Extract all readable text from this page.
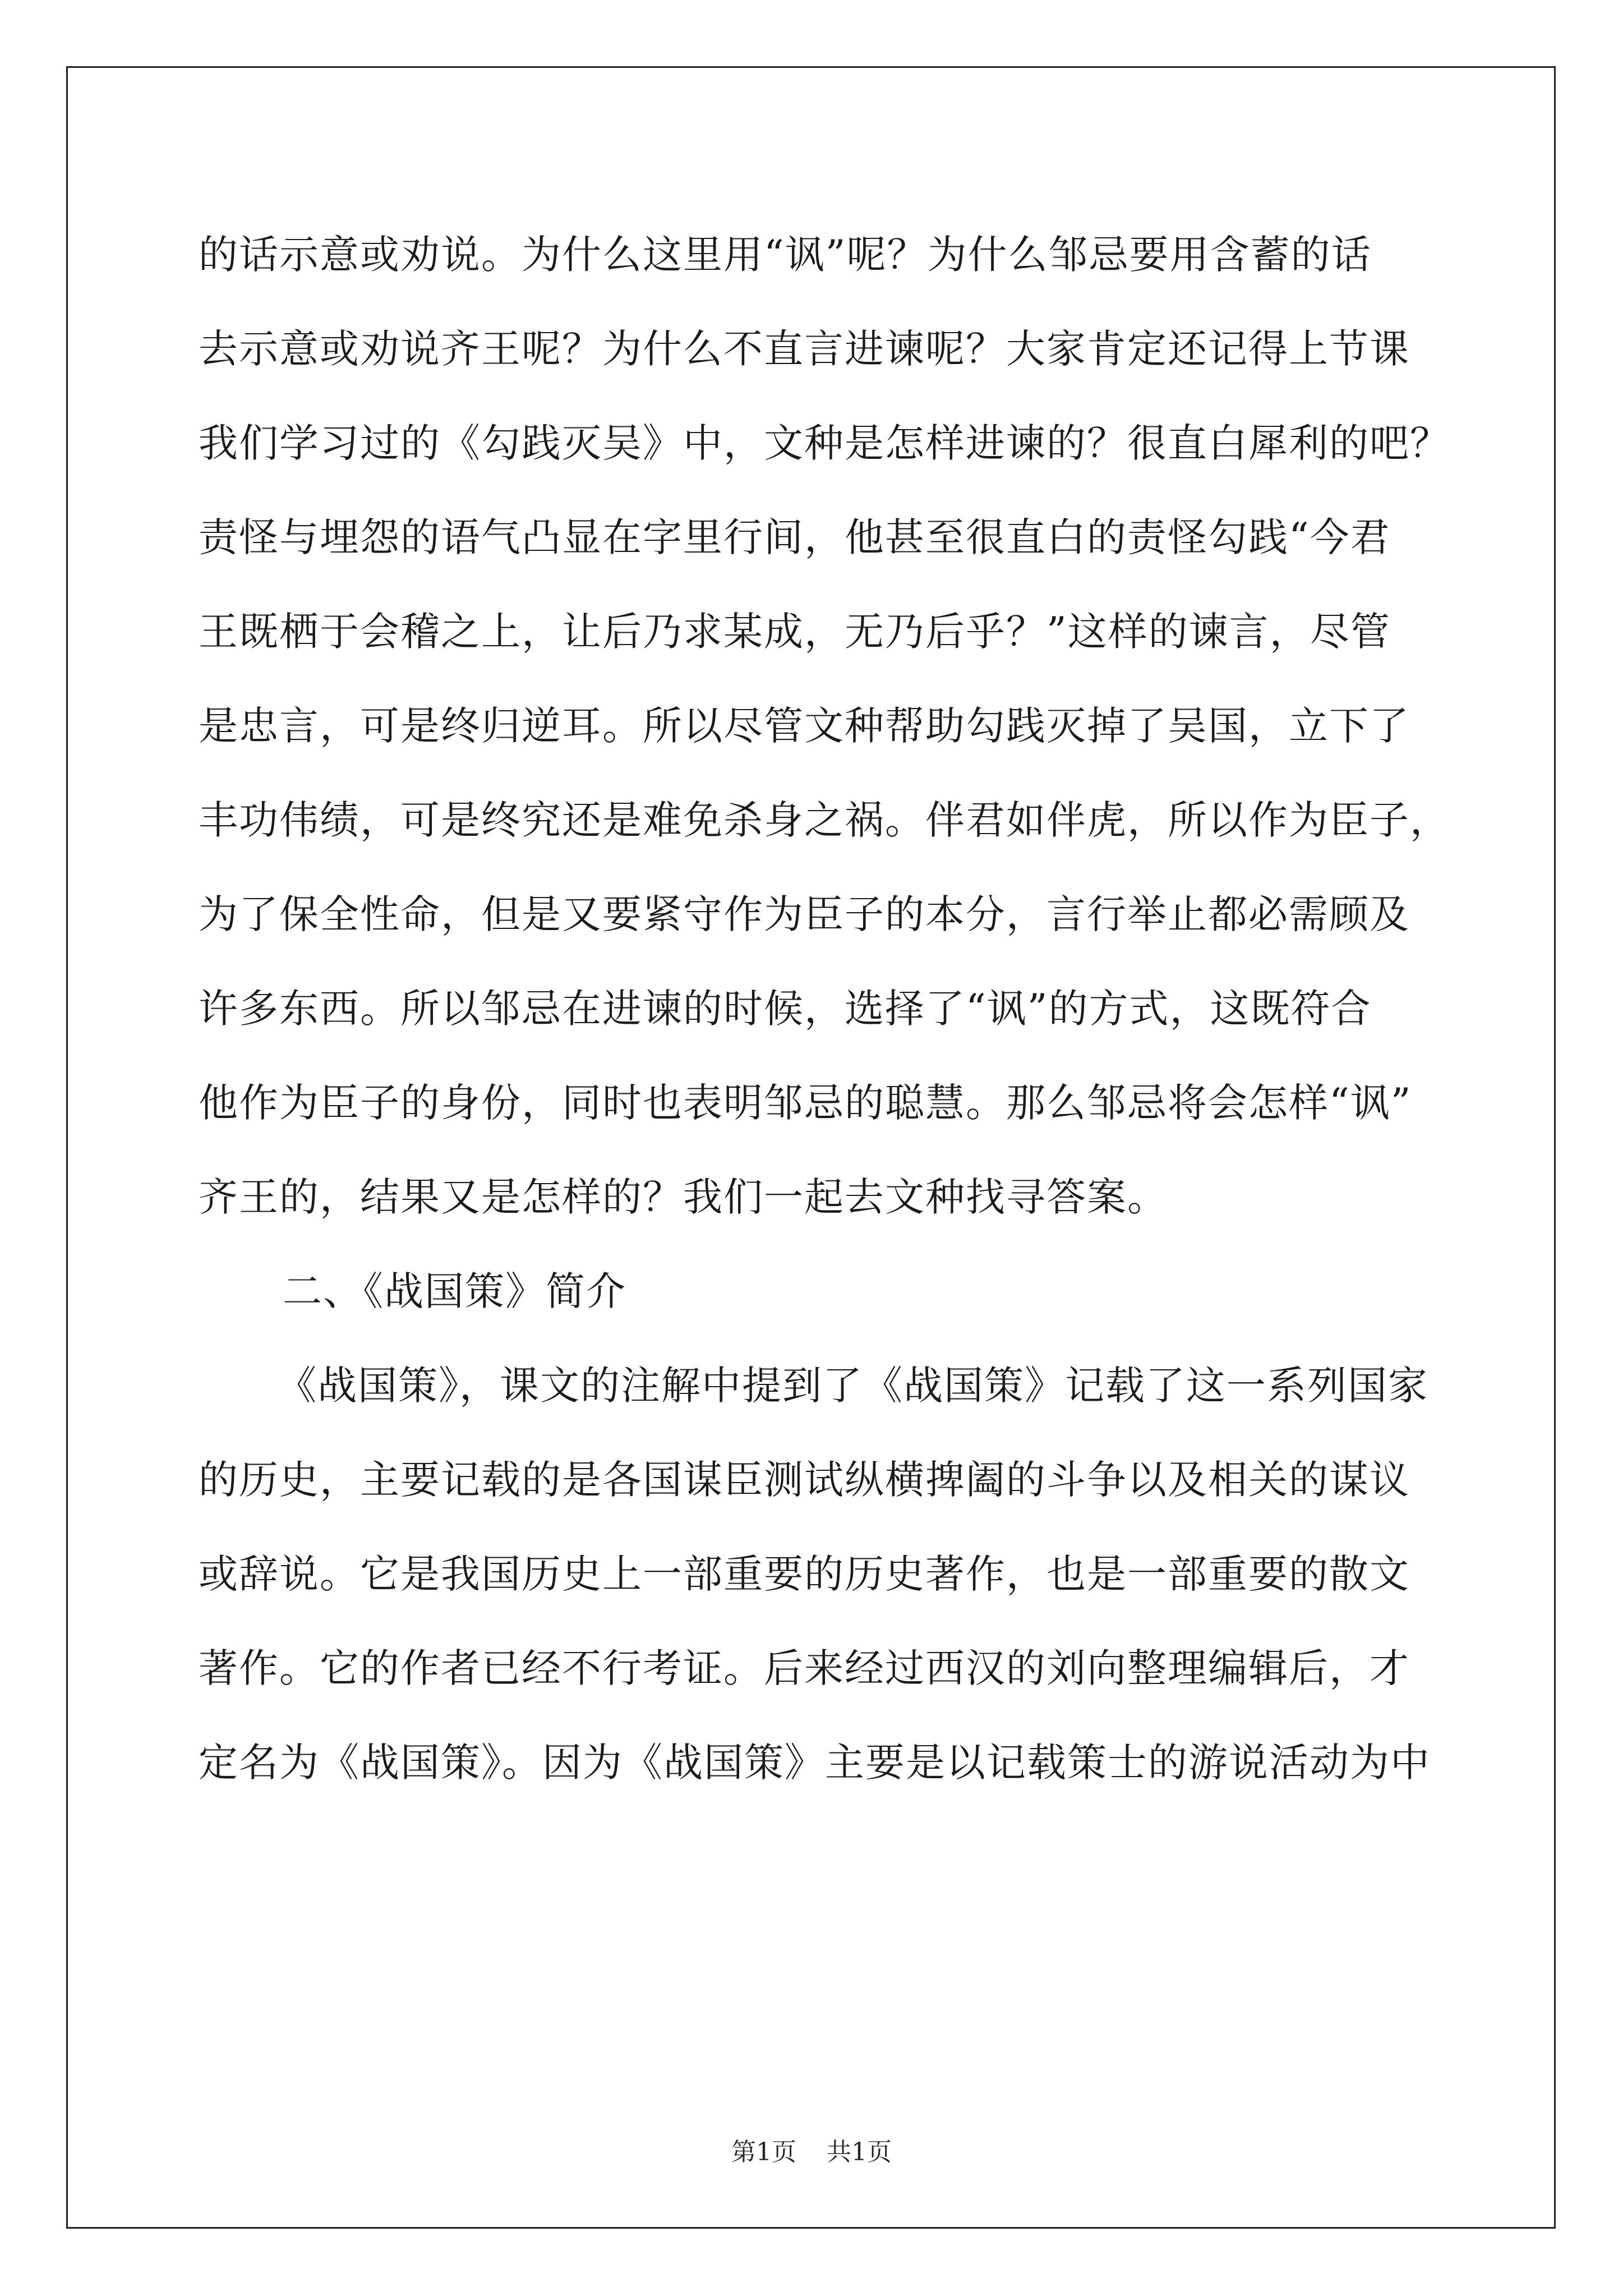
的话示意或劝说。为什么这里用“讽”呢？为什么邹忌要用含蓄的话
去示意或劝说齐王呢？为什么不直言进谏呢？大家肯定还记得上节课
我们学习过的《勾践灭吴》中，文种是怎样进谏的？很直白犀利的吧？
责怪与埋怨的语气凸显在字里行间，他甚至很直白的责怪勾践“今君
王既栖于会稽之上，让后乃求某成，无乃后乎？”这样的谏言，尽管
是忠言，可是终归逆耳。所以尽管文种帮助勾践灭掉了吴国，立下了
丰功伟绩，可是终究还是难免杀身之祸。伴君如伴虎，所以作为臣子，
为了保全性命，但是又要紧守作为臣子的本分，言行举止都必需顾及
许多东西。所以邹忌在进谏的时候，选择了“讽”的方式，这既符合
他作为臣子的身份，同时也表明邹忌的聪慧。那么邹忌将会怎样“讽”
齐王的，结果又是怎样的？我们一起去文种找寻答案。
二、《战国策》简介
《战国策》，课文的注解中提到了《战国策》记载了这一系列国家
的历史，主要记载的是各国谋臣测试纵横捭阖的斗争以及相关的谋议
或辞说。它是我国历史上一部重要的历史著作，也是一部重要的散文
著作。它的作者已经不行考证。后来经过西汉的刘向整理编辑后，才
定名为《战国策》。因为《战国策》主要是以记载策士的游说活动为中
第1页 共1页
